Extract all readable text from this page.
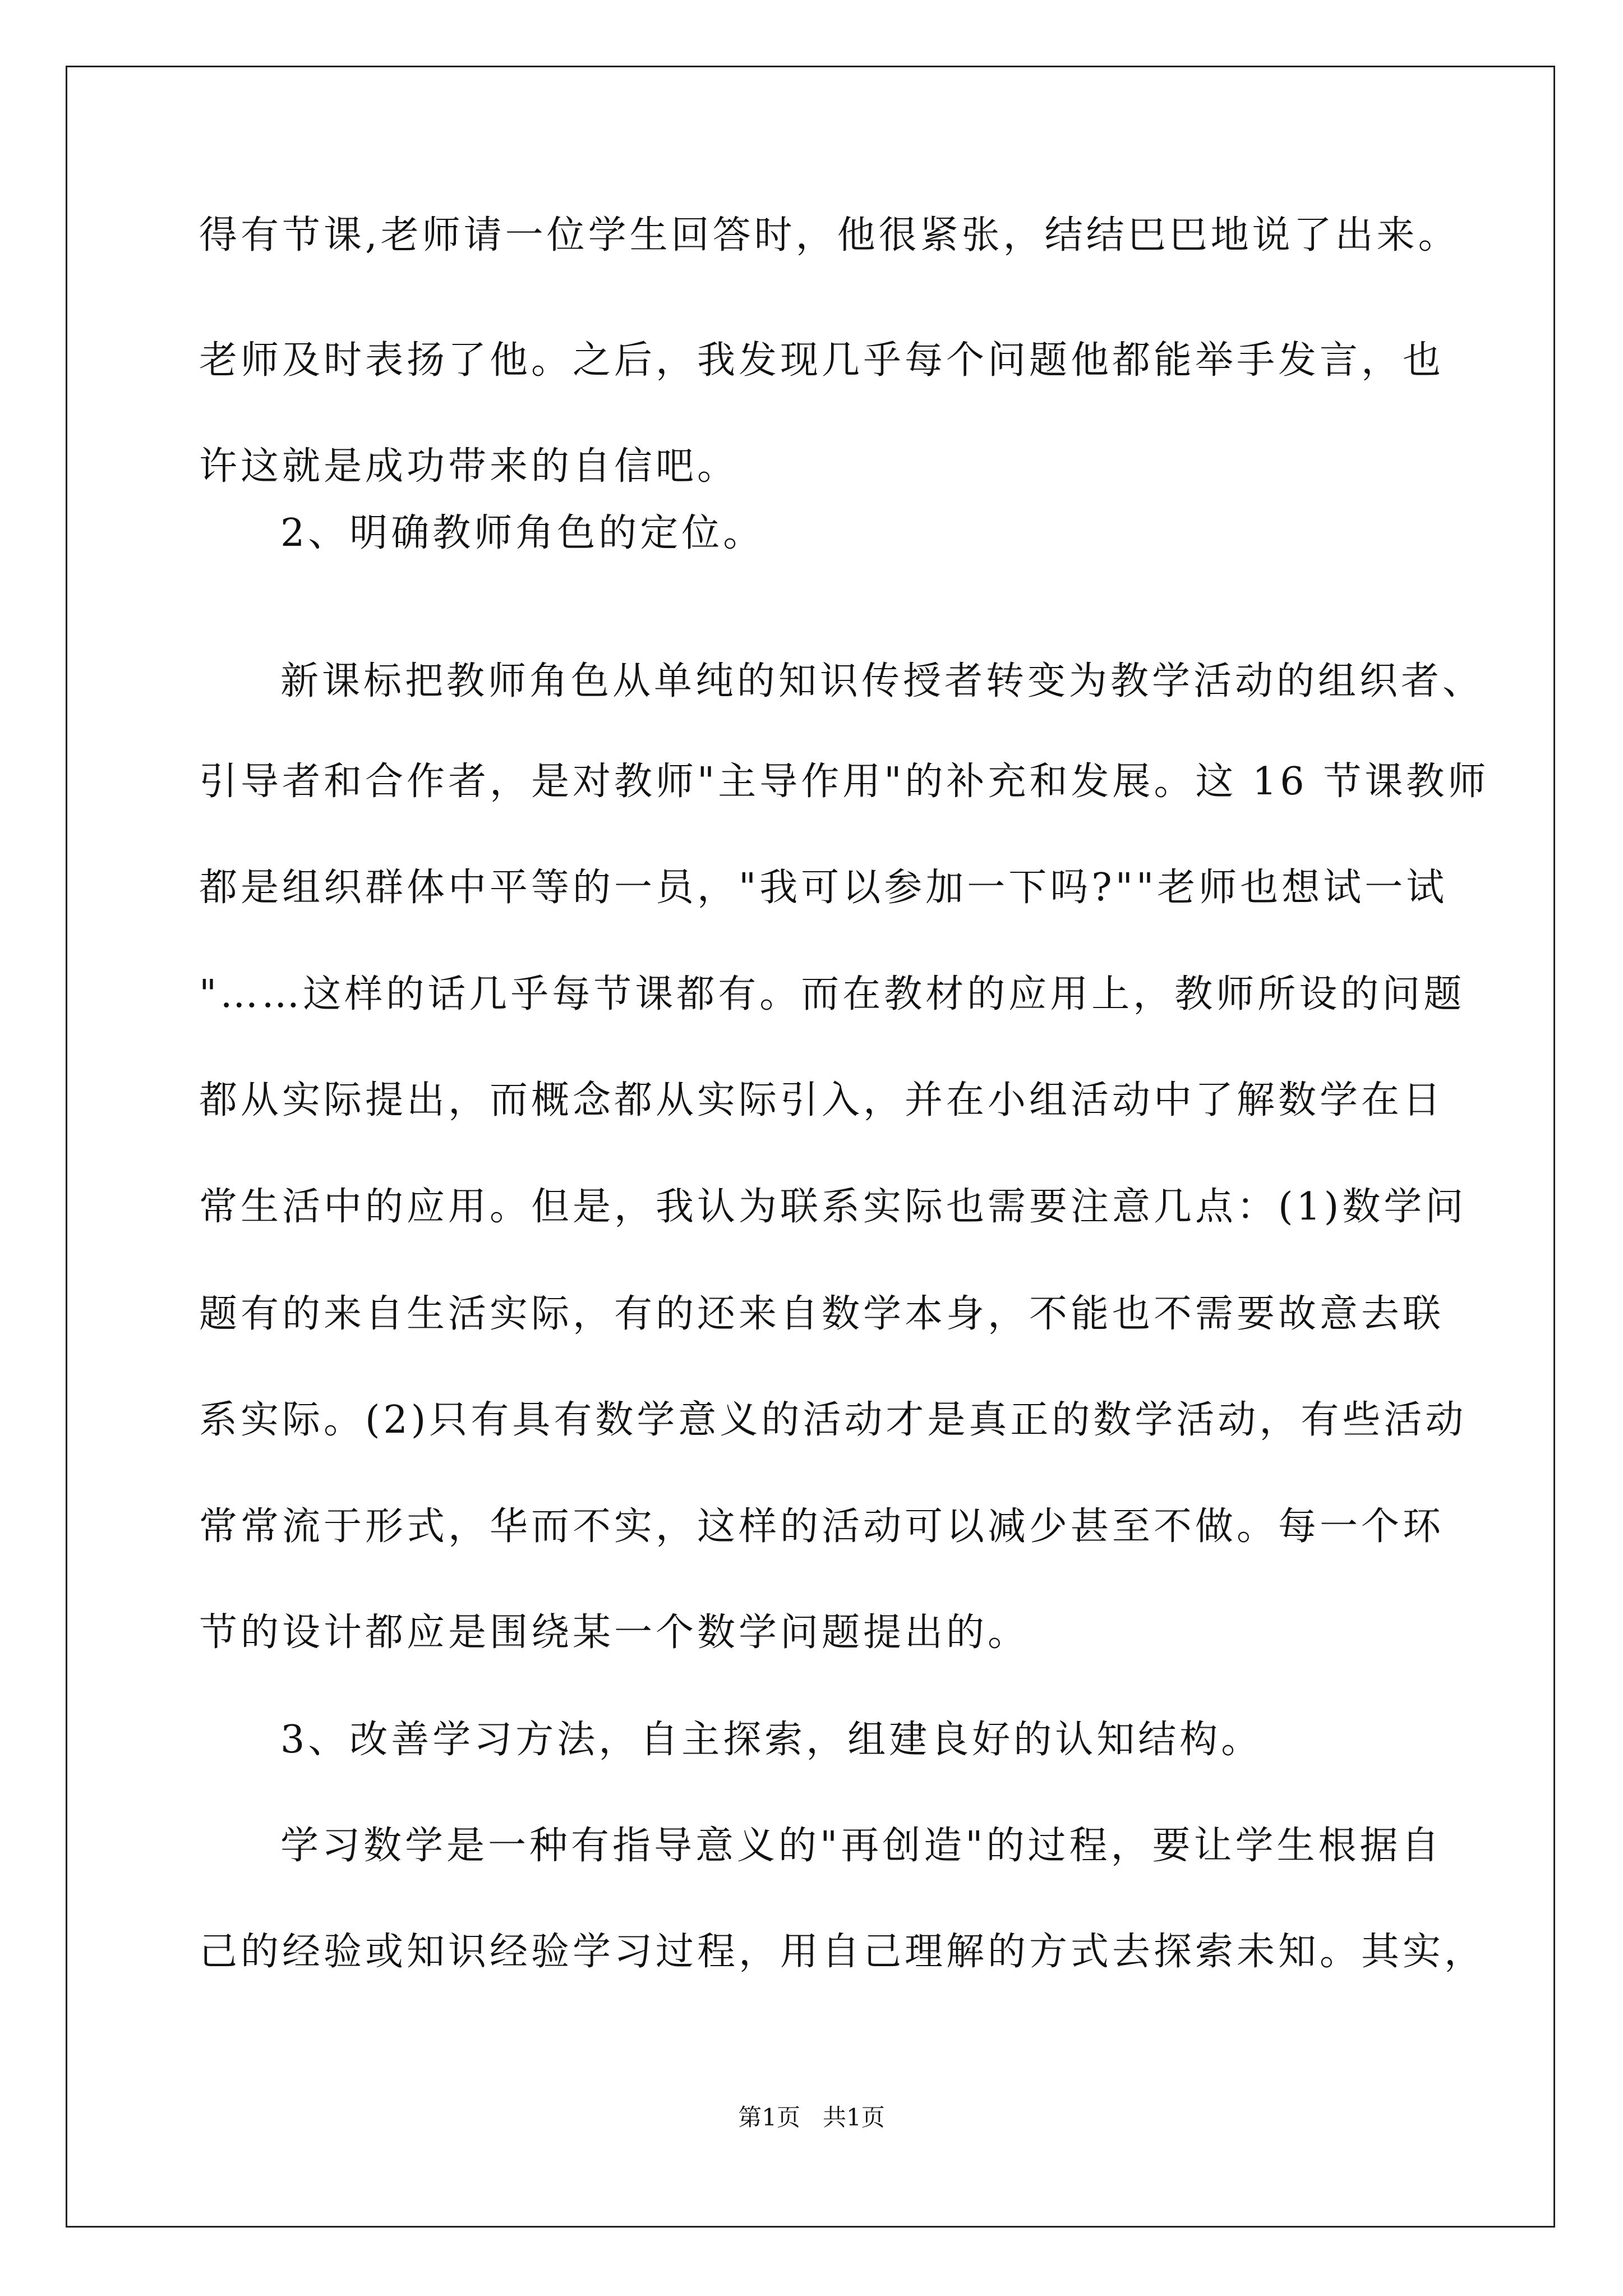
得有节课,老师请一位学生回答时，他很紧张，结结巴巴地说了出来。
老师及时表扬了他。之后，我发现几乎每个问题他都能举手发言，也
许这就是成功带来的自信吧。
2、明确教师角色的定位。
新课标把教师角色从单纯的知识传授者转变为教学活动的组织者、
引导者和合作者，是对教师"主导作用"的补充和发展。这 16 节课教师
都是组织群体中平等的一员，"我可以参加一下吗?""老师也想试一试
"……这样的话几乎每节课都有。而在教材的应用上，教师所设的问题
都从实际提出，而概念都从实际引入，并在小组活动中了解数学在日
常生活中的应用。但是，我认为联系实际也需要注意几点：(1)数学问
题有的来自生活实际，有的还来自数学本身，不能也不需要故意去联
系实际。(2)只有具有数学意义的活动才是真正的数学活动，有些活动
常常流于形式，华而不实，这样的活动可以减少甚至不做。每一个环
节的设计都应是围绕某一个数学问题提出的。
3、改善学习方法，自主探索，组建良好的认知结构。
学习数学是一种有指导意义的"再创造"的过程，要让学生根据自
己的经验或知识经验学习过程，用自己理解的方式去探索未知。其实，
第1页   共1页
